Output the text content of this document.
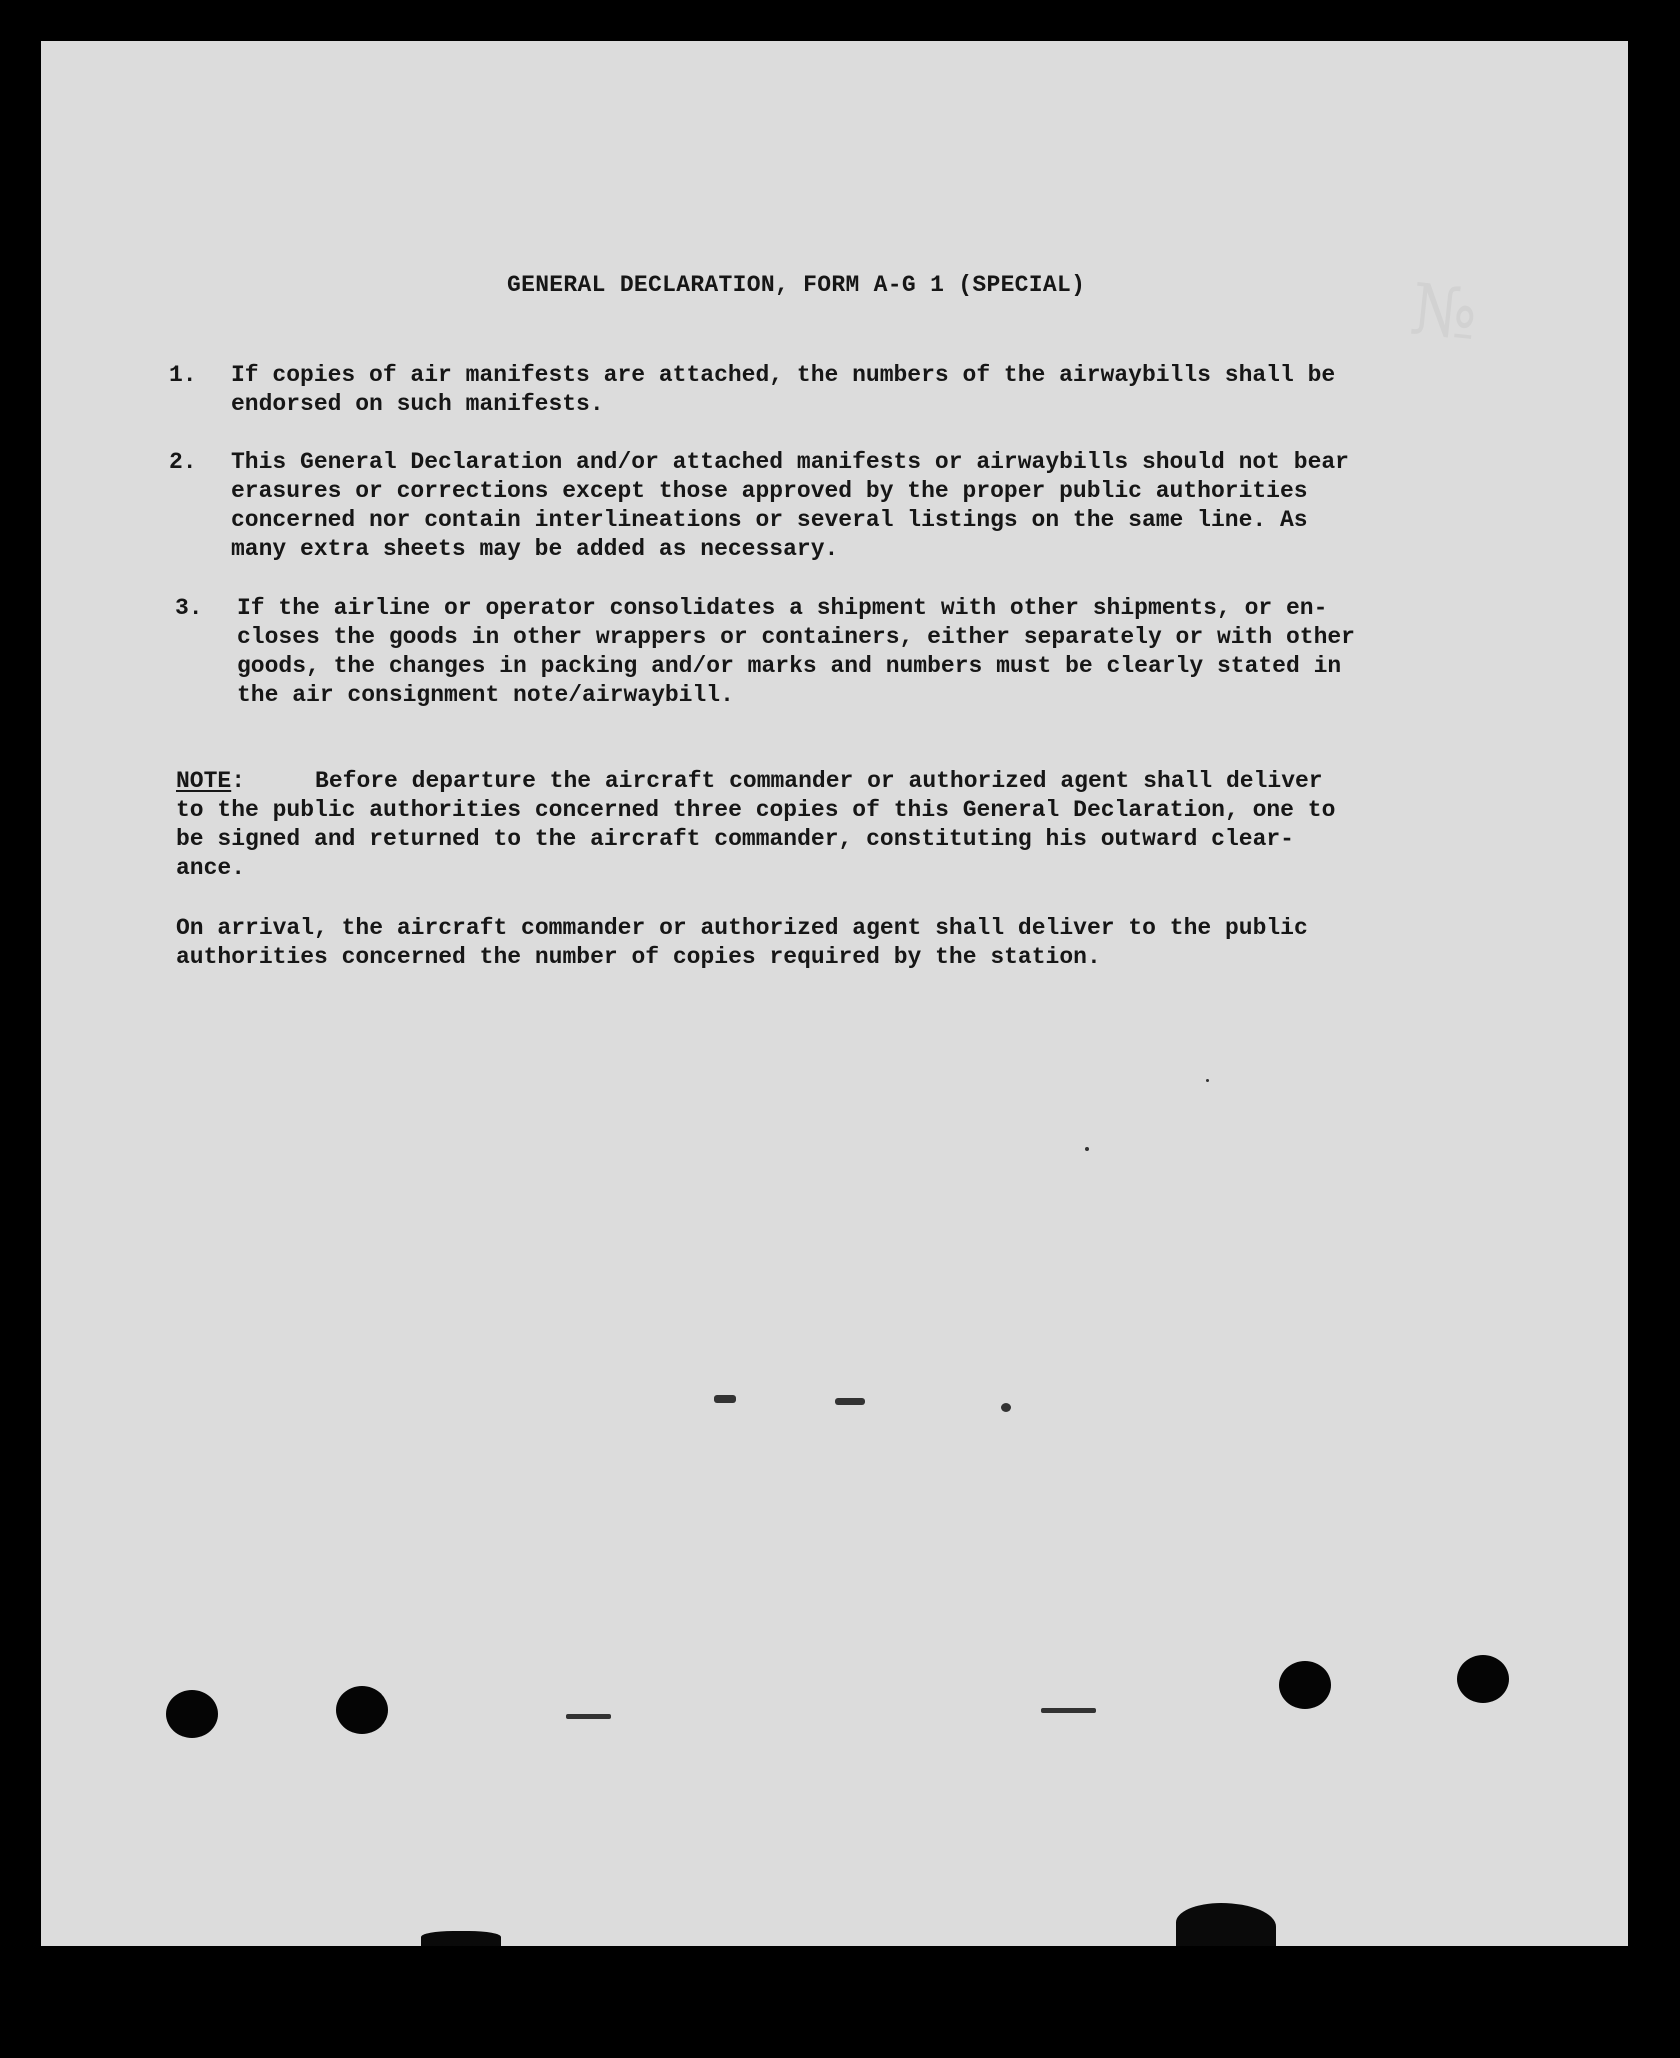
№
GENERAL DECLARATION, FORM A-G 1 (SPECIAL)
1. If copies of air manifests are attached, the numbers of the airwaybills shall be
endorsed on such manifests.
2. This General Declaration and/or attached manifests or airwaybills should not bear
erasures or corrections except those approved by the proper public authorities
concerned nor contain interlineations or several listings on the same line. As
many extra sheets may be added as necessary.
3. If the airline or operator consolidates a shipment with other shipments, or en-
closes the goods in other wrappers or containers, either separately or with other
goods, the changes in packing and/or marks and numbers must be clearly stated in
the air consignment note/airwaybill.
NOTE:	Before departure the aircraft commander or authorized agent shall deliver
to the public authorities concerned three copies of this General Declaration, one to
be signed and returned to the aircraft commander, constituting his outward clear-
ance.
On arrival, the aircraft commander or authorized agent shall deliver to the public
authorities concerned the number of copies required by the station.
